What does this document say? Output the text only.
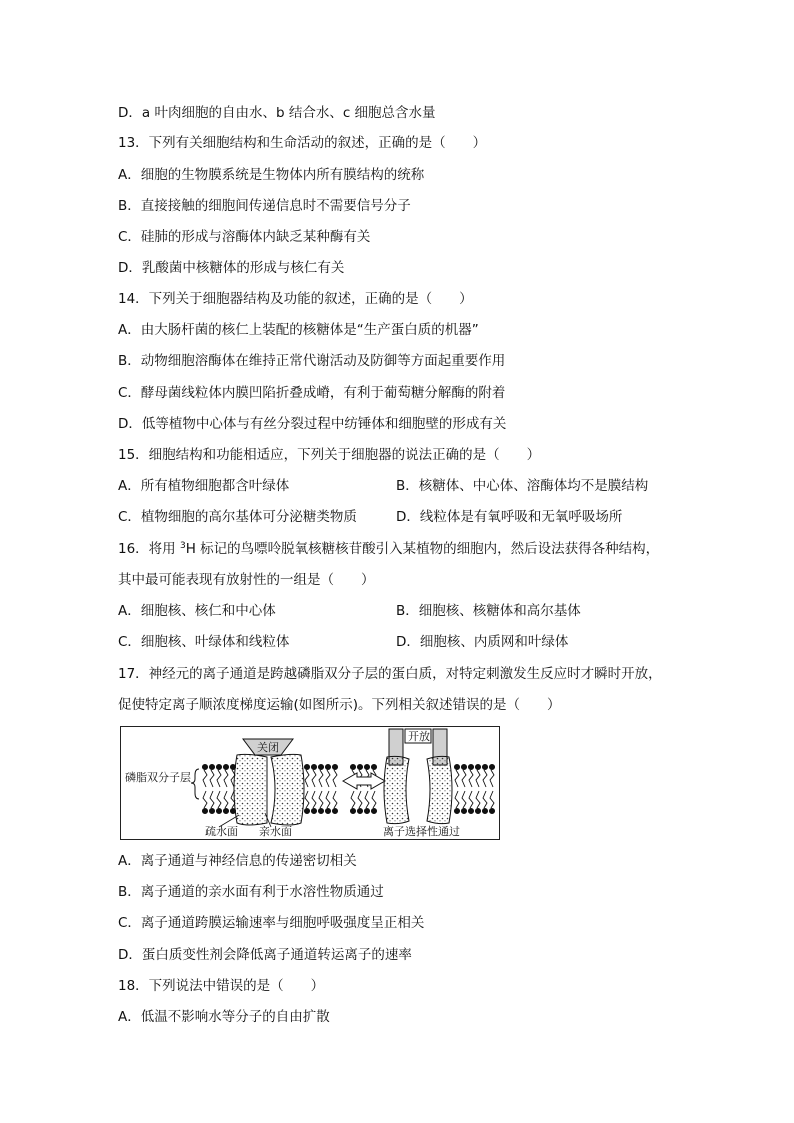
D．a 叶肉细胞的自由水、b 结合水、c 细胞总含水量
13．下列有关细胞结构和生命活动的叙述，正确的是（　　）
A．细胞的生物膜系统是生物体内所有膜结构的统称
B．直接接触的细胞间传递信息时不需要信号分子
C．硅肺的形成与溶酶体内缺乏某种酶有关
D．乳酸菌中核糖体的形成与核仁有关
14．下列关于细胞器结构及功能的叙述，正确的是（　　）
A．由大肠杆菌的核仁上装配的核糖体是“生产蛋白质的机器”
B．动物细胞溶酶体在维持正常代谢活动及防御等方面起重要作用
C．酵母菌线粒体内膜凹陷折叠成嵴，有利于葡萄糖分解酶的附着
D．低等植物中心体与有丝分裂过程中纺锤体和细胞壁的形成有关
15．细胞结构和功能相适应，下列关于细胞器的说法正确的是（　　）
A．所有植物细胞都含叶绿体	B．核糖体、中心体、溶酶体均不是膜结构
C．植物细胞的高尔基体可分泌糖类物质	D．线粒体是有氧呼吸和无氧呼吸场所
16．将用 $^3$H 标记的鸟嘌呤脱氧核糖核苷酸引入某植物的细胞内，然后设法获得各种结构，
其中最可能表现有放射性的一组是（　　）
A．细胞核、核仁和中心体	B．细胞核、核糖体和高尔基体
C．细胞核、叶绿体和线粒体	D．细胞核、内质网和叶绿体
17．神经元的离子通道是跨越磷脂双分子层的蛋白质，对特定刺激发生反应时才瞬时开放，
促使特定离子顺浓度梯度运输(如图所示)。下列相关叙述错误的是（　　）
磷脂双分子层
关闭
疏水面 亲水面
开放
离子选择性通过
A．离子通道与神经信息的传递密切相关
B．离子通道的亲水面有利于水溶性物质通过
C．离子通道跨膜运输速率与细胞呼吸强度呈正相关
D．蛋白质变性剂会降低离子通道转运离子的速率
18．下列说法中错误的是（　　）
A．低温不影响水等分子的自由扩散
